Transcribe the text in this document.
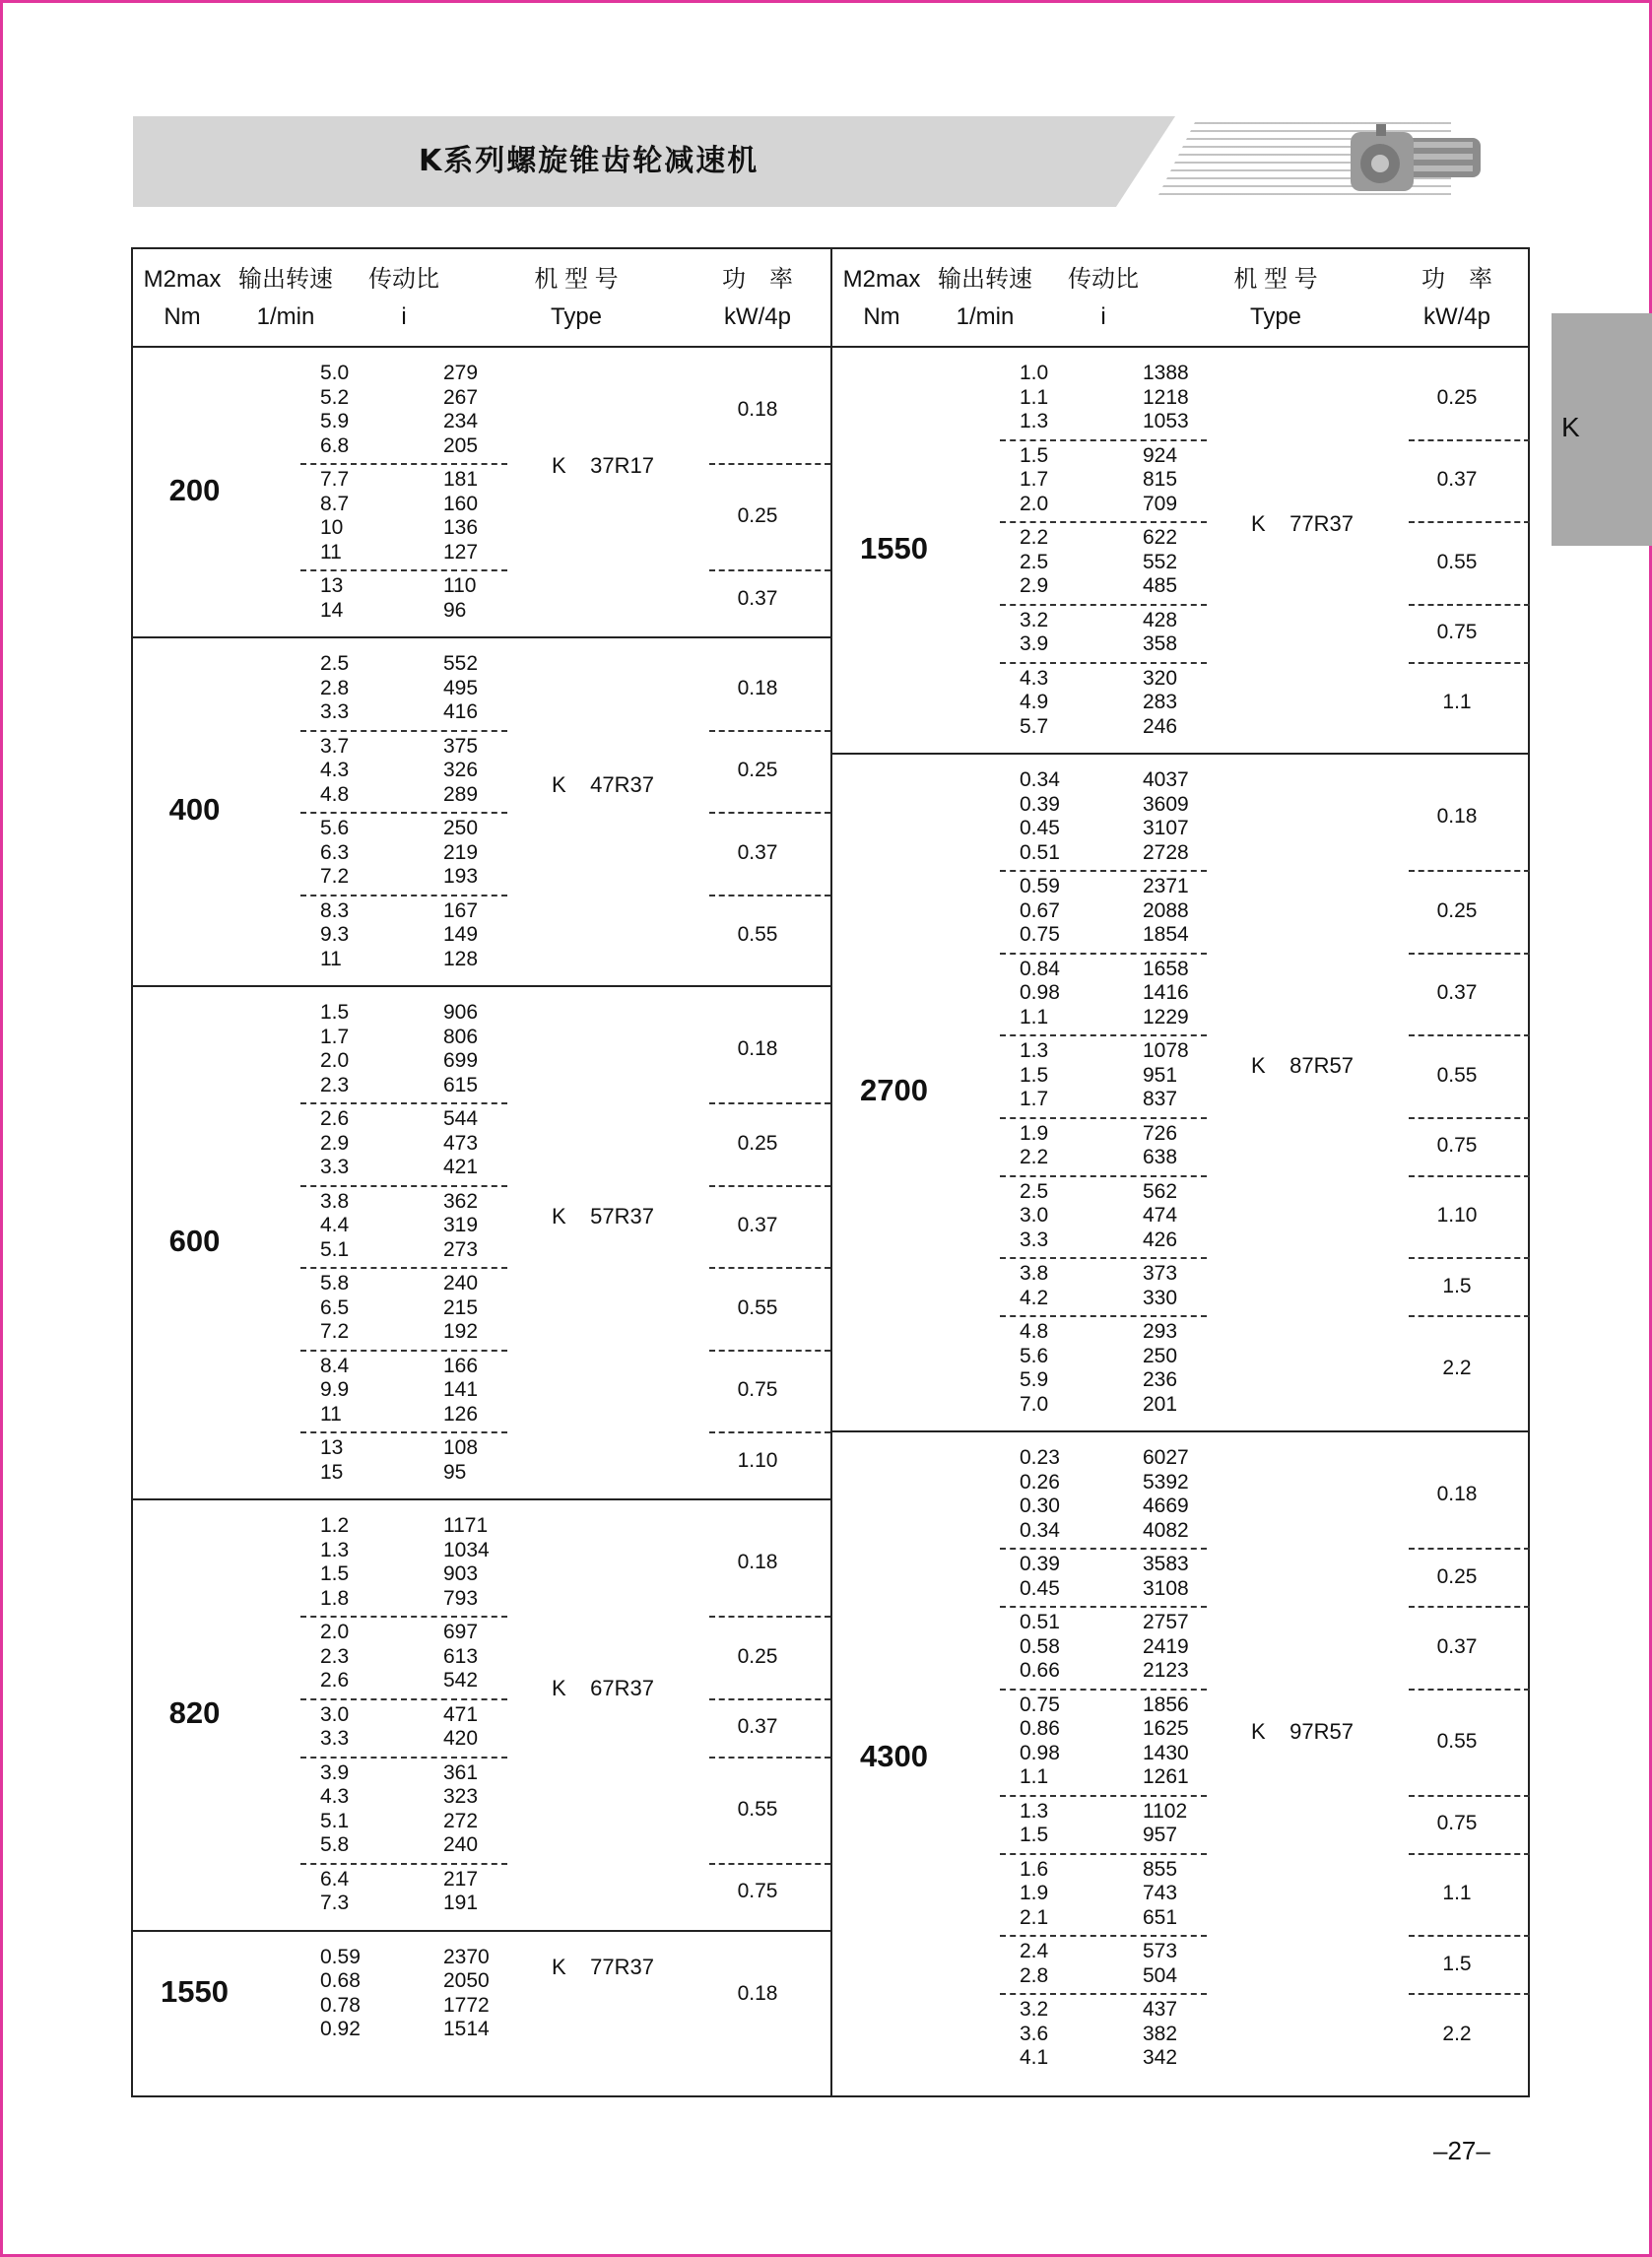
K系列螺旋锥齿轮减速机
K
M2max
Nm
输出转速
1/min
传动比
i
机 型 号
Type
功　率
kW/4p
5.0
5.2
5.9
6.8
279
267
234
205
0.18
7.7
8.7
10
11
181
160
136
127
0.25
13
14
110
96
0.37
200
K    37R17
2.5
2.8
3.3
552
495
416
0.18
3.7
4.3
4.8
375
326
289
0.25
5.6
6.3
7.2
250
219
193
0.37
8.3
9.3
11
167
149
128
0.55
400
K    47R37
1.5
1.7
2.0
2.3
906
806
699
615
0.18
2.6
2.9
3.3
544
473
421
0.25
3.8
4.4
5.1
362
319
273
0.37
5.8
6.5
7.2
240
215
192
0.55
8.4
9.9
11
166
141
126
0.75
13
15
108
95
1.10
600
K    57R37
1.2
1.3
1.5
1.8
1171
1034
903
793
0.18
2.0
2.3
2.6
697
613
542
0.25
3.0
3.3
471
420
0.37
3.9
4.3
5.1
5.8
361
323
272
240
0.55
6.4
7.3
217
191
0.75
820
K    67R37
0.59
0.68
0.78
0.92
2370
2050
1772
1514
0.18
1550
K    77R37
M2max
Nm
输出转速
1/min
传动比
i
机 型 号
Type
功　率
kW/4p
1.0
1.1
1.3
1388
1218
1053
0.25
1.5
1.7
2.0
924
815
709
0.37
2.2
2.5
2.9
622
552
485
0.55
3.2
3.9
428
358
0.75
4.3
4.9
5.7
320
283
246
1.1
1550
K    77R37
0.34
0.39
0.45
0.51
4037
3609
3107
2728
0.18
0.59
0.67
0.75
2371
2088
1854
0.25
0.84
0.98
1.1
1658
1416
1229
0.37
1.3
1.5
1.7
1078
951
837
0.55
1.9
2.2
726
638
0.75
2.5
3.0
3.3
562
474
426
1.10
3.8
4.2
373
330
1.5
4.8
5.6
5.9
7.0
293
250
236
201
2.2
2700
K    87R57
0.23
0.26
0.30
0.34
6027
5392
4669
4082
0.18
0.39
0.45
3583
3108
0.25
0.51
0.58
0.66
2757
2419
2123
0.37
0.75
0.86
0.98
1.1
1856
1625
1430
1261
0.55
1.3
1.5
1102
957
0.75
1.6
1.9
2.1
855
743
651
1.1
2.4
2.8
573
504
1.5
3.2
3.6
4.1
437
382
342
2.2
4300
K    97R57
–27–
